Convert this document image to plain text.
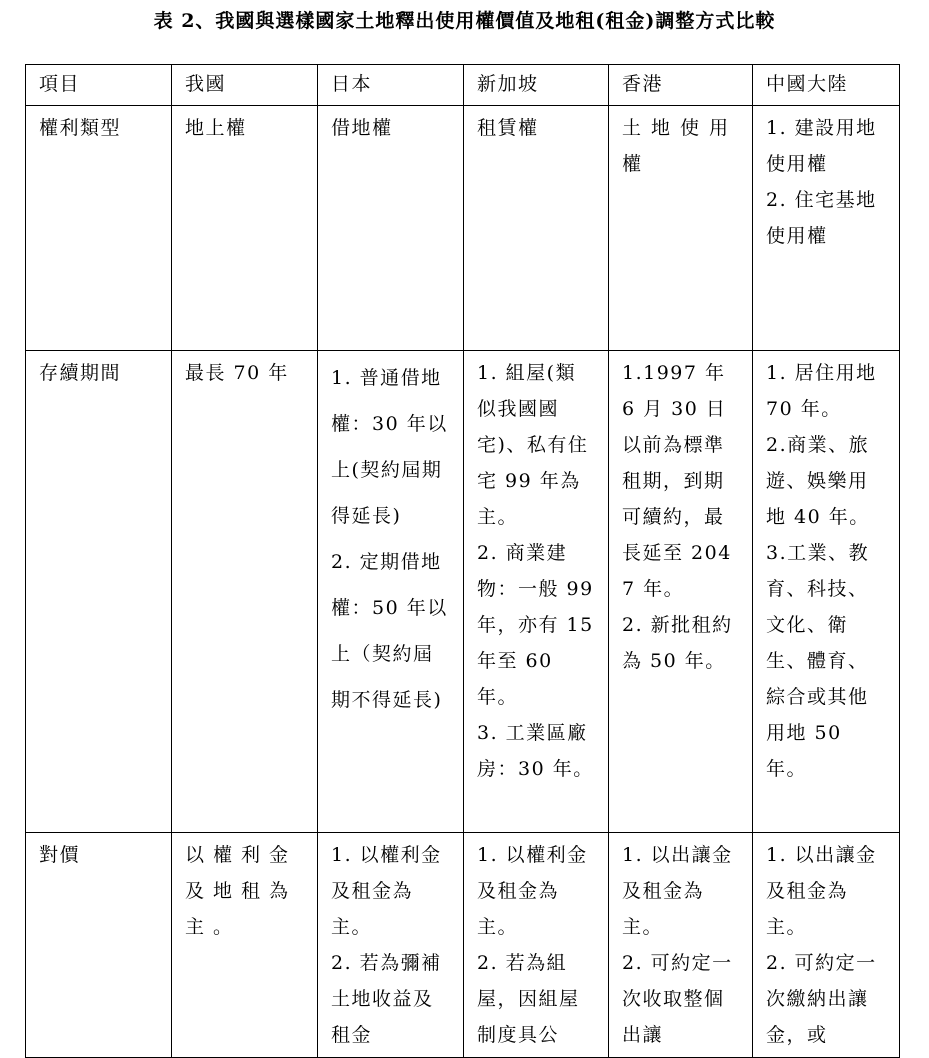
表 2、我國與選樣國家土地釋出使用權價值及地租(租金)調整方式比較
項目	我國	日本	新加坡	香港	中國大陸
權利類型	地上權	借地權	租賃權	土地使用權	1. 建設用地使用權
2. 住宅基地使用權

存續期間	最長 70 年	1. 普通借地權：30 年以上(契約屆期得延長)
2. 定期借地權：50 年以上（契約屆期不得延長)	1. 組屋(類似我國國宅)、私有住宅 99 年為主。
2. 商業建物：一般 99 年，亦有 15 年至 60 年。
3. 工業區廠房：30 年。	1.1997 年 6 月 30 日以前為標準租期，到期可續約，最長延至 2047 年。
2. 新批租約為 50 年。	1. 居住用地 70 年。
2.商業、旅遊、娛樂用地 40 年。
3.工業、教育、科技、文化、衛生、體育、綜合或其他用地 50 年。

對價	以權利金及地租為主。	1. 以權利金及租金為主。
2. 若為彌補土地收益及租金	1. 以權利金及租金為主。
2. 若為組屋，因組屋制度具公	1. 以出讓金及租金為主。
2. 可約定一次收取整個出讓	1. 以出讓金及租金為主。
2. 可約定一次繳納出讓金，或
